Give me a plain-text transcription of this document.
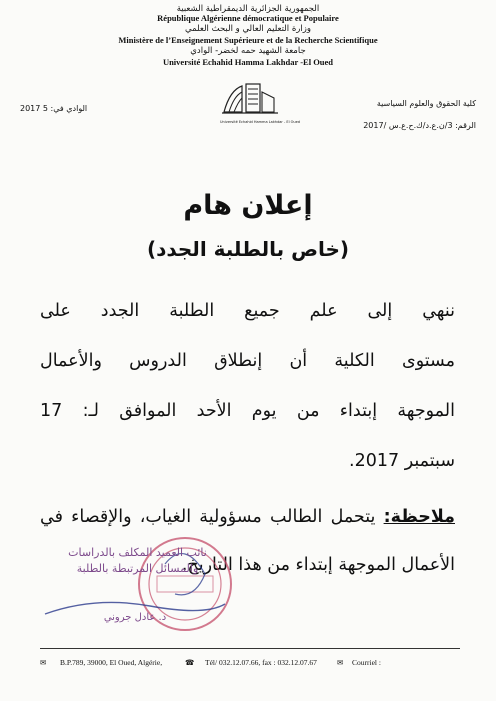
الجمهورية الجزائرية الديمقراطية الشعبية
République Algérienne démocratique et Populaire
وزارة التعليم العالي و البحث العلمي
Ministère de l’Enseignement Supérieure et de la Recherche Scientifique
جامعة الشهيد حمه لخضر- الوادي
Université Echahid Hamma Lakhdar -El Oued
Université Echahid Hamma Lakhdar - El Oued
كلية الحقوق والعلوم السياسية
الرقم: 3/ن.ع.د/ك.ح.ع.س /2017
الوادي في: 5 2017
إعلان هام
(خاص بالطلبة الجدد)
ننهي إلى علم جميع الطلبة الجدد على
مستوى الكلية أن إنطلاق الدروس والأعمال
الموجهة إبتداء من يوم الأحد الموافق لـ: 17
سبتمبر 2017.
ملاحظة: يتحمل الطالب مسؤولية الغياب، والإقصاء في
الأعمال الموجهة إبتداء من هذا التاريخ.
نائب العميد المكلف بالدراسات
والمسائل المرتبطة بالطلبة
د. عادل جروني
✉ B.P.789, 39000, El Oued, Algérie,	☎ Tél/ 032.12.07.66, fax : 032.12.07.67	✉ Courriel :
